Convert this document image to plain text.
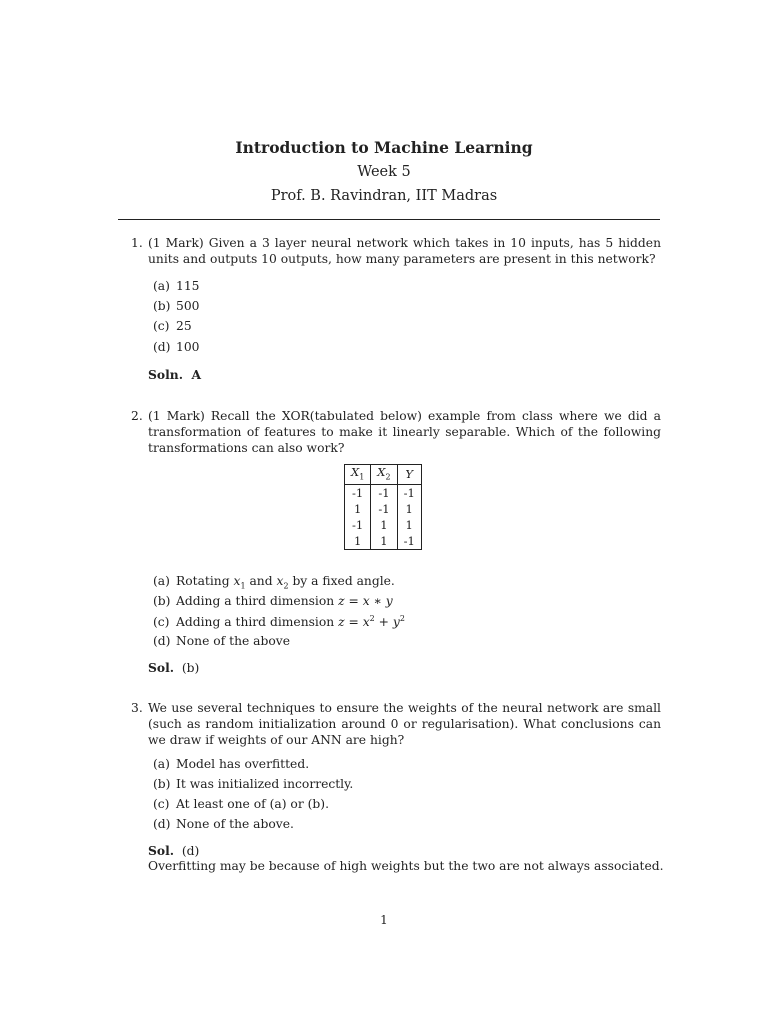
Introduction to Machine Learning
Week 5
Prof. B. Ravindran, IIT Madras
1. (1 Mark) Given a 3 layer neural network which takes in 10 inputs, has 5 hidden units and outputs 10 outputs, how many parameters are present in this network?
(a) 115
(b) 500
(c) 25
(d) 100
Soln. A
2. (1 Mark) Recall the XOR(tabulated below) example from class where we did a transformation of features to make it linearly separable. Which of the following transformations can also work?
$X_1$	$X_2$	Y
-1	-1	-1
1	-1	1
-1	1	1
1	1	-1
(a) Rotating $x_1$ and $x_2$ by a fixed angle.
(b) Adding a third dimension z = x ∗ y
(c) Adding a third dimension $z = x^2 + y^2$
(d) None of the above
Sol. (b)
3. We use several techniques to ensure the weights of the neural network are small (such as random initialization around 0 or regularisation). What conclusions can we draw if weights of our ANN are high?
(a) Model has overfitted.
(b) It was initialized incorrectly.
(c) At least one of (a) or (b).
(d) None of the above.
Sol. (d)
Overfitting may be because of high weights but the two are not always associated.
1
